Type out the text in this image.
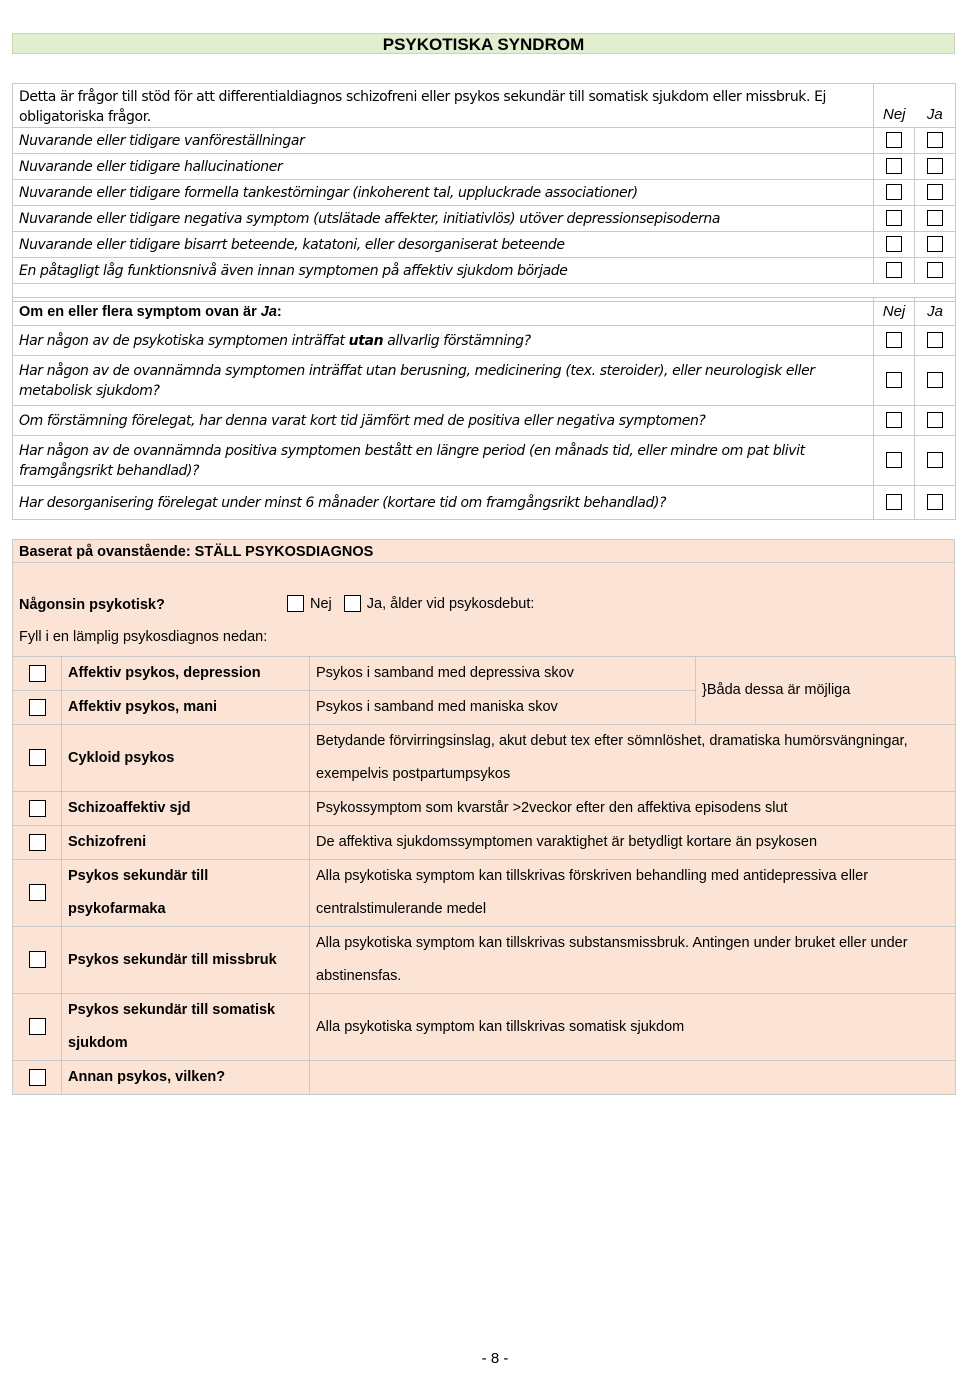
PSYKOTISKA SYNDROM
Detta är frågor till stöd för att differentialdiagnos schizofreni eller psykos sekundär till somatisk sjukdom eller missbruk. Ej obligatoriska frågor.	Nej	Ja
Nuvarande eller tidigare vanföreställningar		
Nuvarande eller tidigare hallucinationer		
Nuvarande eller tidigare formella tankestörningar (inkoherent tal, uppluckrade associationer)		
Nuvarande eller tidigare negativa symptom (utslätade affekter, initiativlös) utöver depressionsepisoderna		
Nuvarande eller tidigare bisarrt beteende, katatoni, eller desorganiserat beteende		
En påtagligt låg funktionsnivå även innan symptomen på affektiv sjukdom började		

Om en eller flera symptom ovan är Ja:	Nej	Ja
Har någon av de psykotiska symptomen inträffat utan allvarlig förstämning?		
Har någon av de ovannämnda symptomen inträffat utan berusning, medicinering (tex. steroider), eller neurologisk eller metabolisk sjukdom?		
Om förstämning förelegat, har denna varat kort tid jämfört med de positiva eller negativa symptomen?		
Har någon av de ovannämnda positiva symptomen bestått en längre period (en månads tid, eller mindre om pat blivit framgångsrikt behandlad)?		
Har desorganisering förelegat under minst 6 månader (kortare tid om framgångsrikt behandlad)?		
Baserat på ovanstående: STÄLL PSYKOSDIAGNOS
Någonsin psykotisk?	Nej Ja, ålder vid psykosdebut:
Fyll i en lämplig psykosdiagnos nedan:
	Affektiv psykos, depression	Psykos i samband med depressiva skov	}Båda dessa är möjliga
	Affektiv psykos, mani	Psykos i samband med maniska skov	
	Cykloid psykos	Betydande förvirringsinslag, akut debut tex efter sömnlöshet, dramatiska humörsvängningar, exempelvis postpartumpsykos	
	Schizoaffektiv sjd	Psykossymptom som kvarstår >2veckor efter den affektiva episodens slut	
	Schizofreni	De affektiva sjukdomssymptomen varaktighet är betydligt kortare än psykosen	
	Psykos sekundär till psykofarmaka	Alla psykotiska symptom kan tillskrivas förskriven behandling med antidepressiva eller centralstimulerande medel	
	Psykos sekundär till missbruk	Alla psykotiska symptom kan tillskrivas substansmissbruk. Antingen under bruket eller under abstinensfas.	
	Psykos sekundär till somatisk sjukdom	Alla psykotiska symptom kan tillskrivas somatisk sjukdom	
	Annan psykos, vilken?		
- 8 -
